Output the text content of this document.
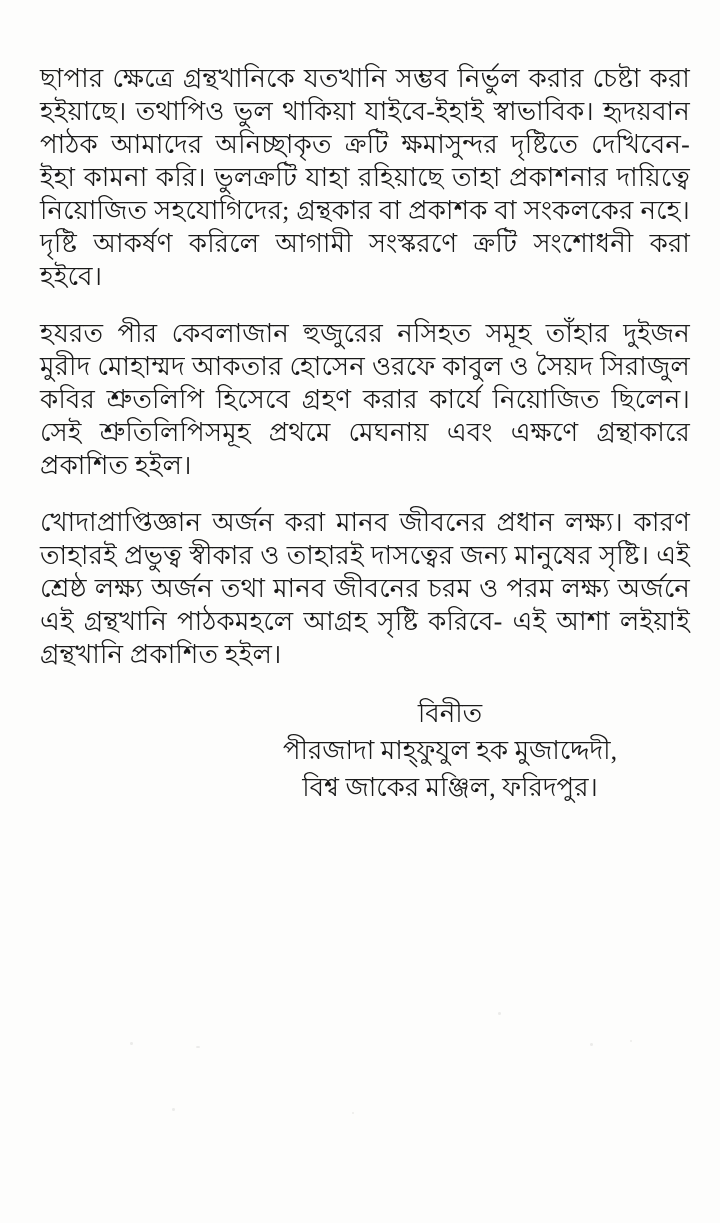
ছাপার ক্ষেত্রে গ্রন্থখানিকে যতখানি সম্ভব নির্ভুল করার চেষ্টা করা হইয়াছে। তথাপিও ভুল থাকিয়া যাইবে-ইহাই স্বাভাবিক। হৃদয়বান পাঠক আমাদের অনিচ্ছাকৃত ক্রটি ক্ষমাসুন্দর দৃষ্টিতে দেখিবেন- ইহা কামনা করি। ভুলক্রটি যাহা রহিয়াছে তাহা প্রকাশনার দায়িত্বে নিয়োজিত সহযোগিদের; গ্রন্থকার বা প্রকাশক বা সংকলকের নহে। দৃষ্টি আকর্ষণ করিলে আগামী সংস্করণে ক্রটি সংশোধনী করা হইবে।

হযরত পীর কেবলাজান হুজুরের নসিহত সমূহ তাঁহার দুইজন মুরীদ মোহাম্মদ আকতার হোসেন ওরফে কাবুল ও সৈয়দ সিরাজুল কবির শ্রুতলিপি হিসেবে গ্রহণ করার কার্যে নিয়োজিত ছিলেন। সেই শ্রুতিলিপিসমূহ প্রথমে মেঘনায় এবং এক্ষণে গ্রন্থাকারে প্রকাশিত হইল।

খোদাপ্রাপ্তিজ্ঞান অর্জন করা মানব জীবনের প্রধান লক্ষ্য। কারণ তাহারই প্রভুত্ব স্বীকার ও তাহারই দাসত্বের জন্য মানুষের সৃষ্টি। এই শ্রেষ্ঠ লক্ষ্য অর্জন তথা মানব জীবনের চরম ও পরম লক্ষ্য অর্জনে এই গ্রন্থখানি পাঠকমহলে আগ্রহ সৃষ্টি করিবে- এই আশা লইয়াই গ্রন্থখানি প্রকাশিত হইল।

বিনীত
পীরজাদা মাহ্‌ফুযুল হক মুজাদ্দেদী,
বিশ্ব জাকের মঞ্জিল, ফরিদপুর।
